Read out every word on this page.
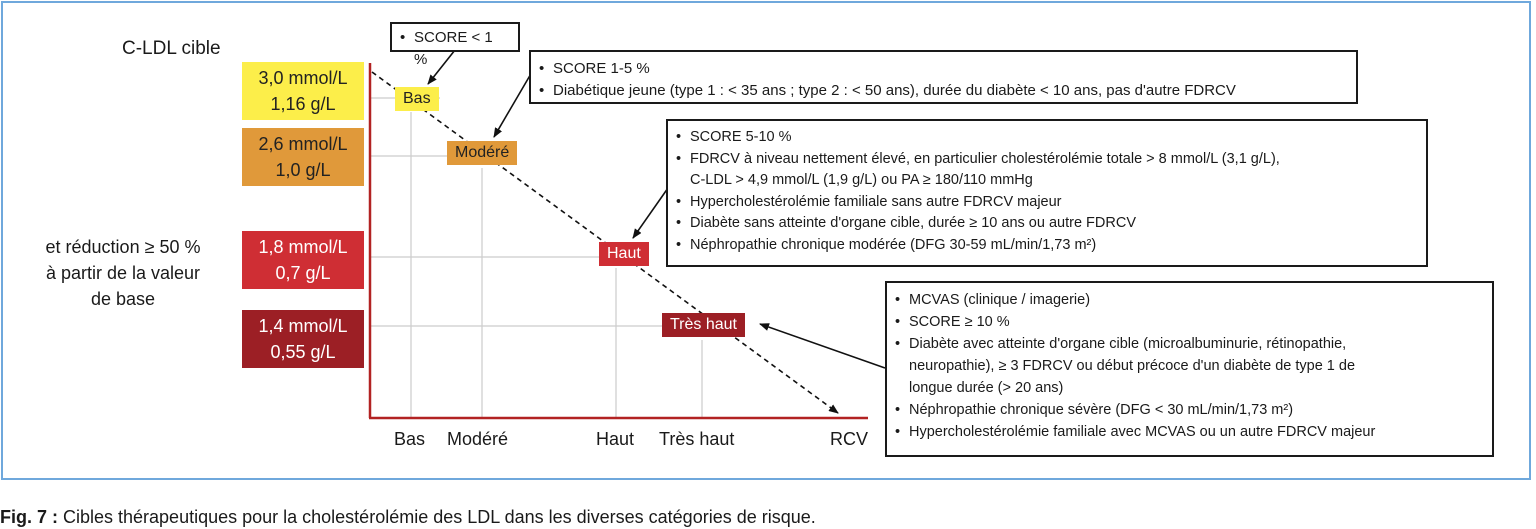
C-LDL cible
3,0 mmol/L
1,16 g/L
2,6 mmol/L
1,0 g/L
1,8 mmol/L
0,7 g/L
1,4 mmol/L
0,55 g/L
et réduction ≥ 50 %
à partir de la valeur
de base
Bas
Modéré
Haut
Très haut
Bas Modéré	Haut Très haut	RCV
• SCORE < 1 %
• SCORE 1-5 %
• Diabétique jeune (type 1 : < 35 ans ; type 2 : < 50 ans), durée du diabète < 10 ans, pas d'autre FDRCV
• SCORE 5-10 %
• FDRCV à niveau nettement élevé, en particulier cholestérolémie totale > 8 mmol/L (3,1 g/L),
C-LDL > 4,9 mmol/L (1,9 g/L) ou PA ≥ 180/110 mmHg
• Hypercholestérolémie familiale sans autre FDRCV majeur
• Diabète sans atteinte d'organe cible, durée ≥ 10 ans ou autre FDRCV
• Néphropathie chronique modérée (DFG 30-59 mL/min/1,73 m²)
• MCVAS (clinique / imagerie)
• SCORE ≥ 10 %
• Diabète avec atteinte d'organe cible (microalbuminurie, rétinopathie,
neuropathie), ≥ 3 FDRCV ou début précoce d'un diabète de type 1 de
longue durée (> 20 ans)
• Néphropathie chronique sévère (DFG < 30 mL/min/1,73 m²)
• Hypercholestérolémie familiale avec MCVAS ou un autre FDRCV majeur
Fig. 7 : Cibles thérapeutiques pour la cholestérolémie des LDL dans les diverses catégories de risque.
